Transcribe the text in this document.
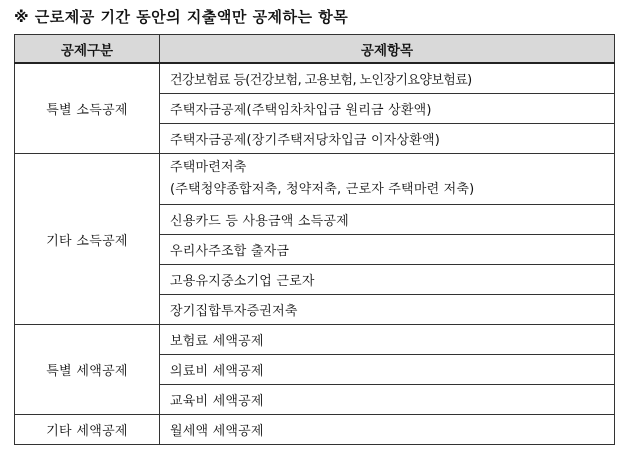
※ 근로제공 기간 동안의 지출액만 공제하는 항목
공제구분	공제항목
특별 소득공제	건강보험료 등(건강보험, 고용보험, 노인장기요양보험료)

	주택자금공제(주택임차차입금 원리금 상환액)

	주택자금공제(장기주택저당차입금 이자상환액)

기타 소득공제	주택마련저축
(주택청약종합저축, 청약저축, 근로자 주택마련 저축)

	신용카드 등 사용금액 소득공제

	우리사주조합 출자금

	고용유지중소기업 근로자

	장기집합투자증권저축

특별 세액공제	보험료 세액공제

	의료비 세액공제

	교육비 세액공제

기타 세액공제	월세액 세액공제
